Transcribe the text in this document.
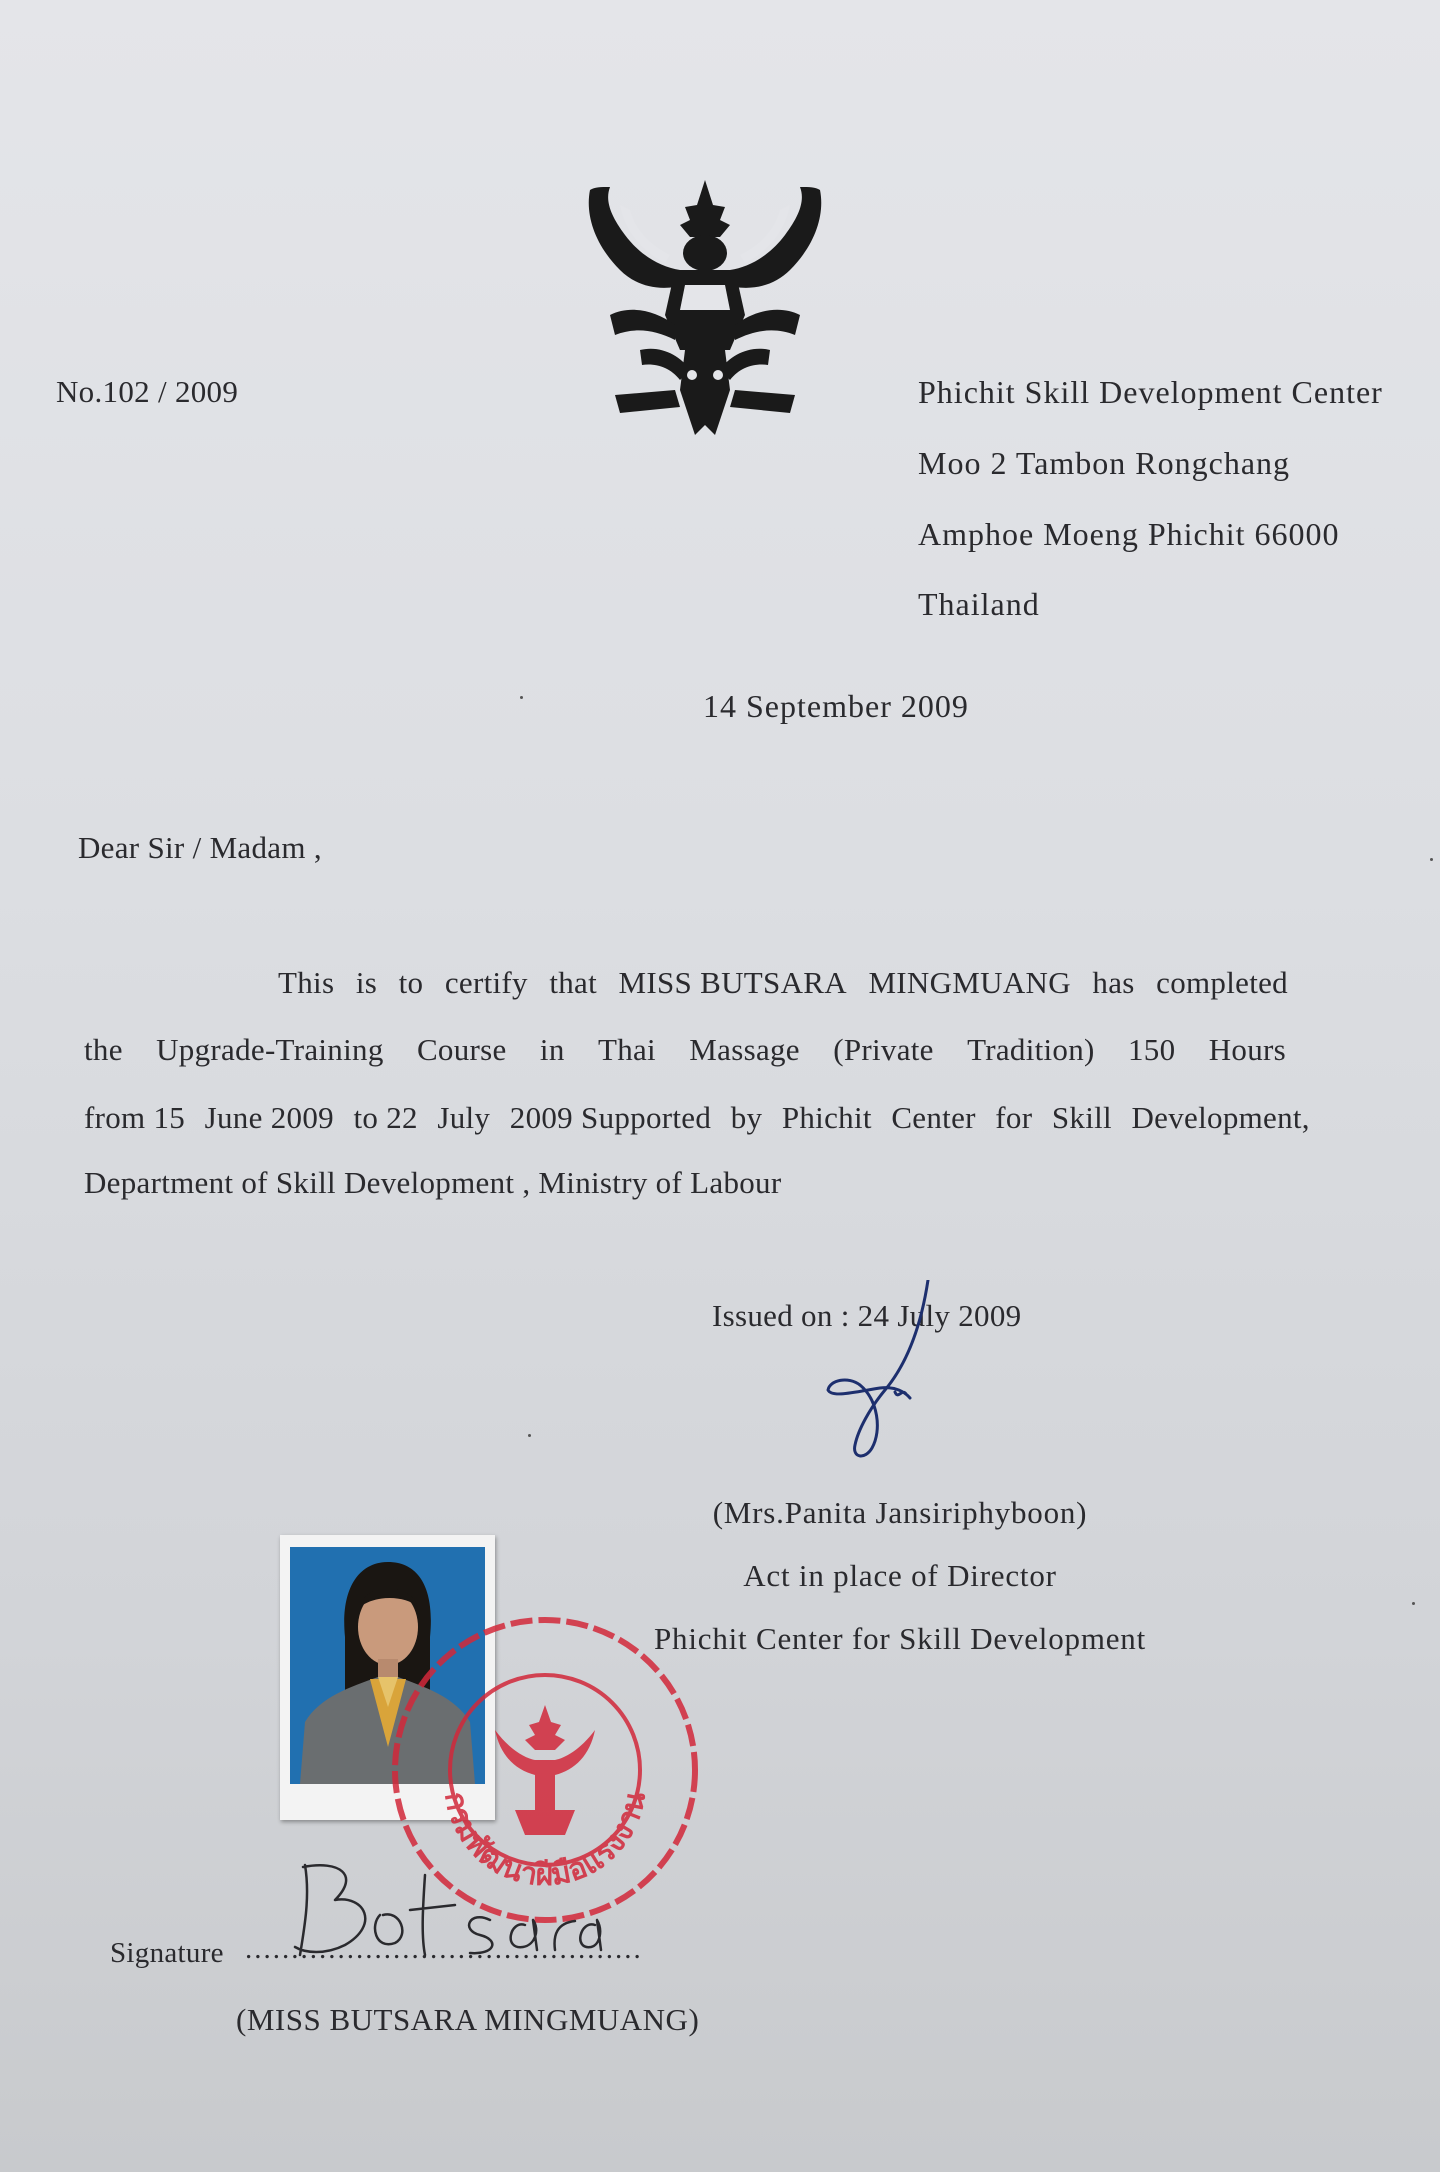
No.102 / 2009	Phichit Skill Development Center
Moo 2 Tambon Rongchang
Amphoe Moeng Phichit 66000
Thailand
14 September 2009
Dear Sir / Madam ,
This is to certify that MISS BUTSARA MINGMUANG has completed
the Upgrade-Training Course in Thai Massage (Private Tradition) 150 Hours
from 15 June 2009 to 22 July 2009 Supported by Phichit Center for Skill Development,
Department of Skill Development , Ministry of Labour
Issued on : 24 July 2009
(Mrs.Panita Jansiriphyboon)
Act in place of Director
Phichit Center for Skill Development
กรมพัฒนาฝีมือแรงงาน
Signature ...........................................
(MISS BUTSARA MINGMUANG)
